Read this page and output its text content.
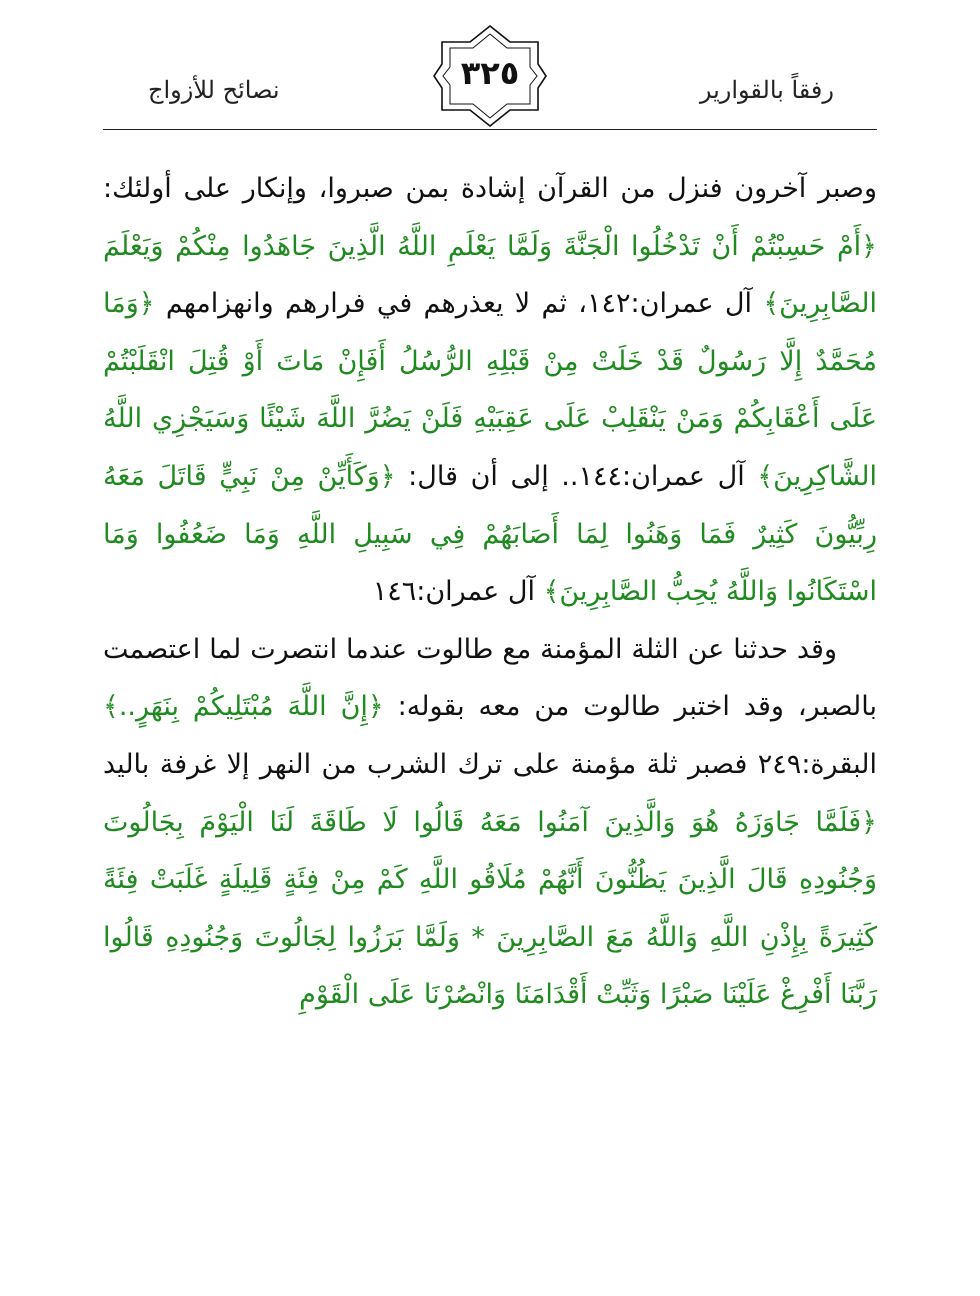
نصائح للأزواج	٣٢٥	رفقاً بالقوارير

وصبر آخرون فنزل من القرآن إشادة بمن صبروا، وإنكار على أولئك: ﴿أَمْ حَسِبْتُمْ أَنْ تَدْخُلُوا الْجَنَّةَ وَلَمَّا يَعْلَمِ اللَّهُ الَّذِينَ جَاهَدُوا مِنْكُمْ وَيَعْلَمَ الصَّابِرِينَ﴾ آل عمران:١٤٢، ثم لا يعذرهم في فرارهم وانهزامهم ﴿وَمَا مُحَمَّدٌ إِلَّا رَسُولٌ قَدْ خَلَتْ مِنْ قَبْلِهِ الرُّسُلُ أَفَإِنْ مَاتَ أَوْ قُتِلَ انْقَلَبْتُمْ عَلَى أَعْقَابِكُمْ وَمَنْ يَنْقَلِبْ عَلَى عَقِبَيْهِ فَلَنْ يَضُرَّ اللَّهَ شَيْئًا وَسَيَجْزِي اللَّهُ الشَّاكِرِينَ﴾ آل عمران:١٤٤.. إلى أن قال: ﴿وَكَأَيِّنْ مِنْ نَبِيٍّ قَاتَلَ مَعَهُ رِبِّيُّونَ كَثِيرٌ فَمَا وَهَنُوا لِمَا أَصَابَهُمْ فِي سَبِيلِ اللَّهِ وَمَا ضَعُفُوا وَمَا اسْتَكَانُوا وَاللَّهُ يُحِبُّ الصَّابِرِينَ﴾ آل عمران:١٤٦

وقد حدثنا عن الثلة المؤمنة مع طالوت عندما انتصرت لما اعتصمت بالصبر، وقد اختبر طالوت من معه بقوله: ﴿إِنَّ اللَّهَ مُبْتَلِيكُمْ بِنَهَرٍ..﴾ البقرة:٢٤٩ فصبر ثلة مؤمنة على ترك الشرب من النهر إلا غرفة باليد ﴿فَلَمَّا جَاوَزَهُ هُوَ وَالَّذِينَ آمَنُوا مَعَهُ قَالُوا لَا طَاقَةَ لَنَا الْيَوْمَ بِجَالُوتَ وَجُنُودِهِ قَالَ الَّذِينَ يَظُنُّونَ أَنَّهُمْ مُلَاقُو اللَّهِ كَمْ مِنْ فِئَةٍ قَلِيلَةٍ غَلَبَتْ فِئَةً كَثِيرَةً بِإِذْنِ اللَّهِ وَاللَّهُ مَعَ الصَّابِرِينَ * وَلَمَّا بَرَزُوا لِجَالُوتَ وَجُنُودِهِ قَالُوا رَبَّنَا أَفْرِغْ عَلَيْنَا صَبْرًا وَثَبِّتْ أَقْدَامَنَا وَانْصُرْنَا عَلَى الْقَوْمِ
